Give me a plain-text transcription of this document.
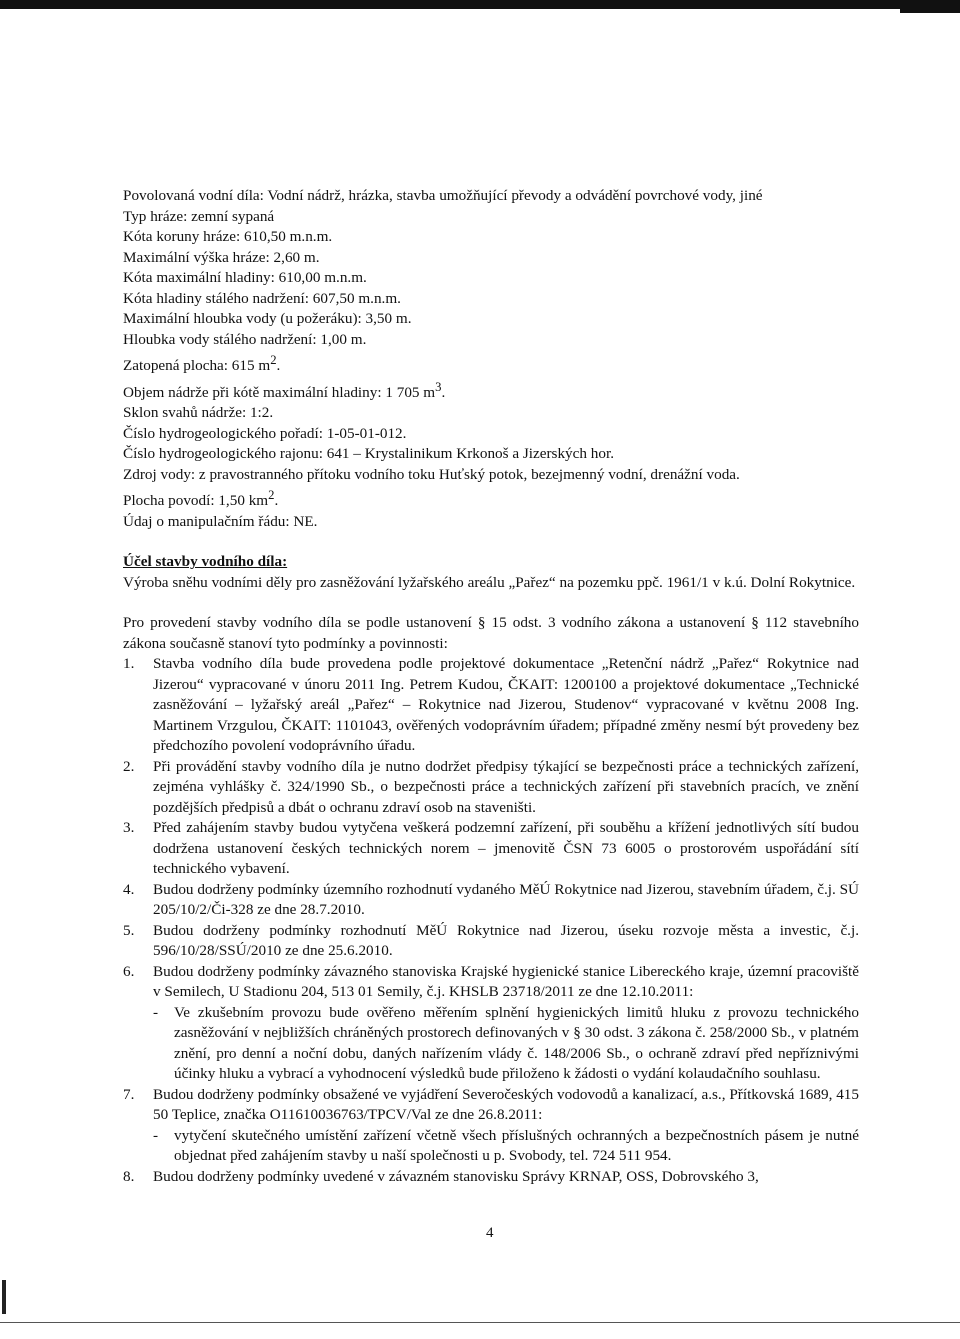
Povolovaná vodní díla: Vodní nádrž, hrázka, stavba umožňující převody a odvádění povrchové vody, jiné

Typ hráze: zemní sypaná

Kóta koruny hráze: 610,50 m.n.m.

Maximální výška hráze: 2,60 m.

Kóta maximální hladiny: 610,00 m.n.m.

Kóta hladiny stálého nadržení: 607,50 m.n.m.

Maximální hloubka vody (u požeráku): 3,50 m.

Hloubka vody stálého nadržení: 1,00 m.

Zatopená plocha: 615 $m^2$.

Objem nádrže při kótě maximální hladiny: 1 705 $m^3$.

Sklon svahů nádrže: 1:2.

Číslo hydrogeologického pořadí: 1-05-01-012.

Číslo hydrogeologického rajonu: 641 – Krystalinikum Krkonoš a Jizerských hor.

Zdroj vody: z pravostranného přítoku vodního toku Huťský potok, bezejmenný vodní, drenážní voda.

Plocha povodí: 1,50 $km^2$.

Údaj o manipulačním řádu: NE.

Účel stavby vodního díla:

Výroba sněhu vodními děly pro zasněžování lyžařského areálu „Pařez“ na pozemku ppč. 1961/1 v k.ú. Dolní Rokytnice.

Pro provedení stavby vodního díla se podle ustanovení § 15 odst. 3 vodního zákona a ustanovení § 112 stavebního zákona současně stanoví tyto podmínky a povinnosti:

1. Stavba vodního díla bude provedena podle projektové dokumentace „Retenční nádrž „Pařez“ Rokytnice nad Jizerou“ vypracované v únoru 2011 Ing. Petrem Kudou, ČKAIT: 1200100 a projektové dokumentace „Technické zasněžování – lyžařský areál „Pařez“ – Rokytnice nad Jizerou, Studenov“ vypracované v květnu 2008 Ing. Martinem Vrzgulou, ČKAIT: 1101043, ověřených vodoprávním úřadem; případné změny nesmí být provedeny bez předchozího povolení vodoprávního úřadu.
2. Při provádění stavby vodního díla je nutno dodržet předpisy týkající se bezpečnosti práce a technických zařízení, zejména vyhlášky č. 324/1990 Sb., o bezpečnosti práce a technických zařízení při stavebních pracích, ve znění pozdějších předpisů a dbát o ochranu zdraví osob na staveništi.
3. Před zahájením stavby budou vytyčena veškerá podzemní zařízení, při souběhu a křížení jednotlivých sítí budou dodržena ustanovení českých technických norem – jmenovitě ČSN 73 6005 o prostorovém uspořádání sítí technického vybavení.
4. Budou dodrženy podmínky územního rozhodnutí vydaného MěÚ Rokytnice nad Jizerou, stavebním úřadem, č.j. SÚ 205/10/2/Či-328 ze dne 28.7.2010.
5. Budou dodrženy podmínky rozhodnutí MěÚ Rokytnice nad Jizerou, úseku rozvoje města a investic, č.j. 596/10/28/SSÚ/2010 ze dne 25.6.2010.
6. Budou dodrženy podmínky závazného stanoviska Krajské hygienické stanice Libereckého kraje, územní pracoviště v Semilech, U Stadionu 204, 513 01 Semily, č.j. KHSLB 23718/2011 ze dne 12.10.2011:
- Ve zkušebním provozu bude ověřeno měřením splnění hygienických limitů hluku z provozu technického zasněžování v nejbližších chráněných prostorech definovaných v § 30 odst. 3 zákona č. 258/2000 Sb., v platném znění, pro denní a noční dobu, daných nařízením vlády č. 148/2006 Sb., o ochraně zdraví před nepříznivými účinky hluku a vybrací a vyhodnocení výsledků bude přiloženo k žádosti o vydání kolaudačního souhlasu.
7. Budou dodrženy podmínky obsažené ve vyjádření Severočeských vodovodů a kanalizací, a.s., Přítkovská 1689, 415 50 Teplice, značka O11610036763/TPCV/Val ze dne 26.8.2011:
- vytyčení skutečného umístění zařízení včetně všech příslušných ochranných a bezpečnostních pásem je nutné objednat před zahájením stavby u naší společnosti u p. Svobody, tel. 724 511 954.
8. Budou dodrženy podmínky uvedené v závazném stanovisku Správy KRNAP, OSS, Dobrovského 3,
4
